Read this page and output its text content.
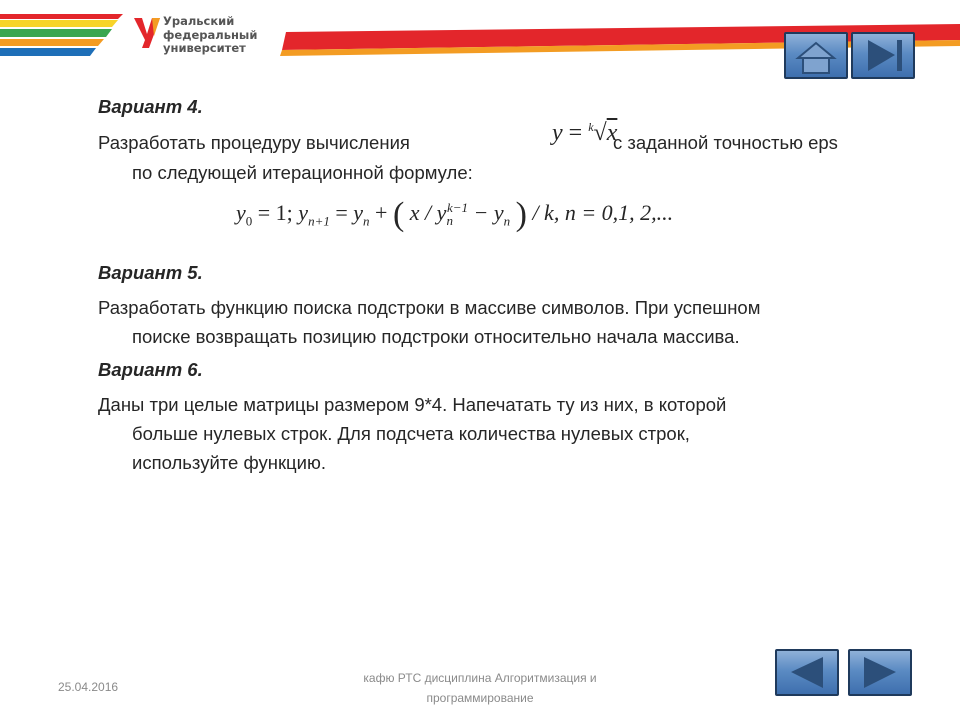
Уральский
федеральный
университет
Вариант 4.
Разработать процедуру вычисления	y = $^k$√x
с заданной точностью eps
по следующей итерационной формуле:
$y_0 = 1$; $y_{n+1} = y_n$ + ( $x / y_n^{k-1} - y_n$ ) / k, n = 0,1, 2,...
Вариант 5.
Разработать функцию поиска подстроки в массиве символов. При успешном
поиске возвращать позицию подстроки относительно начала массива.
Вариант 6.
Даны три целые матрицы размером 9*4. Напечатать ту из них, в которой
больше нулевых строк. Для подсчета количества нулевых строк,
используйте функцию.
25.04.2016
кафю РТС дисциплина Алгоритмизация и
программирование
